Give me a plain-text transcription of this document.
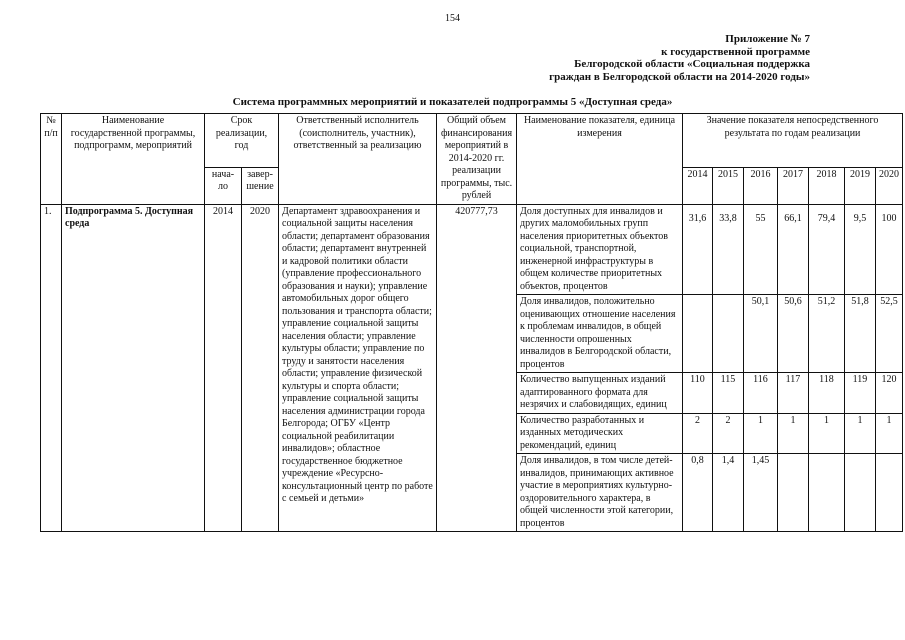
154
Приложение № 7
к государственной программе
Белгородской области «Социальная поддержка
граждан в Белгородской области на 2014-2020 годы»
Система программных мероприятий и показателей подпрограммы 5 «Доступная среда»
№ п/п	Наименование государственной программы, подпрограмм, мероприятий	Срок реализации, год		Ответственный исполнитель (соисполнитель, участник), ответственный за реализацию	Общий объем финансирования мероприятий в 2014-2020 гг. реализации программы, тыс. рублей	Наименование показателя, единица измерения	Значение показателя непосредственного результата по годам реализации						
		нача-ло	завер-шение				2014	2015	2016	2017	2018	2019	2020
1.	Подпрограмма 5. Доступная среда	2014	2020	Департамент здравоохранения и социальной защиты населения области; департамент образования области; департамент внутренней и кадровой политики области (управление профессионального образования и науки); управление автомобильных дорог общего пользования и транспорта области; управление социальной защиты населения области; управление культуры области; управление по труду и занятости населения области; управление физической культуры и спорта области; управление социальной защиты населения администрации города Белгорода; ОГБУ «Центр социальной реабилитации инвалидов»; областное государственное бюджетное учреждение «Ресурсно-консультационный центр по работе с семьей и детьми»	420777,73	Доля доступных для инвалидов и других маломобильных групп населения приоритетных объектов социальной, транспортной, инженерной инфраструктуры в общем количестве приоритетных объектов, процентов	31,6	33,8	55	66,1	79,4	9,5	100
						Доля инвалидов, положительно оценивающих отношение населения к проблемам инвалидов, в общей численности опрошенных инвалидов в Белгородской области, процентов			50,1	50,6	51,2	51,8	52,5
						Количество выпущенных изданий адаптированного формата для незрячих и слабовидящих, единиц	110	115	116	117	118	119	120
						Количество разработанных и изданных методических рекомендаций, единиц	2	2	1	1	1	1	1
						Доля инвалидов, в том числе детей-инвалидов, принимающих активное участие в мероприятиях культурно-оздоровительного характера, в общей численности этой категории, процентов	0,8	1,4	1,45				
